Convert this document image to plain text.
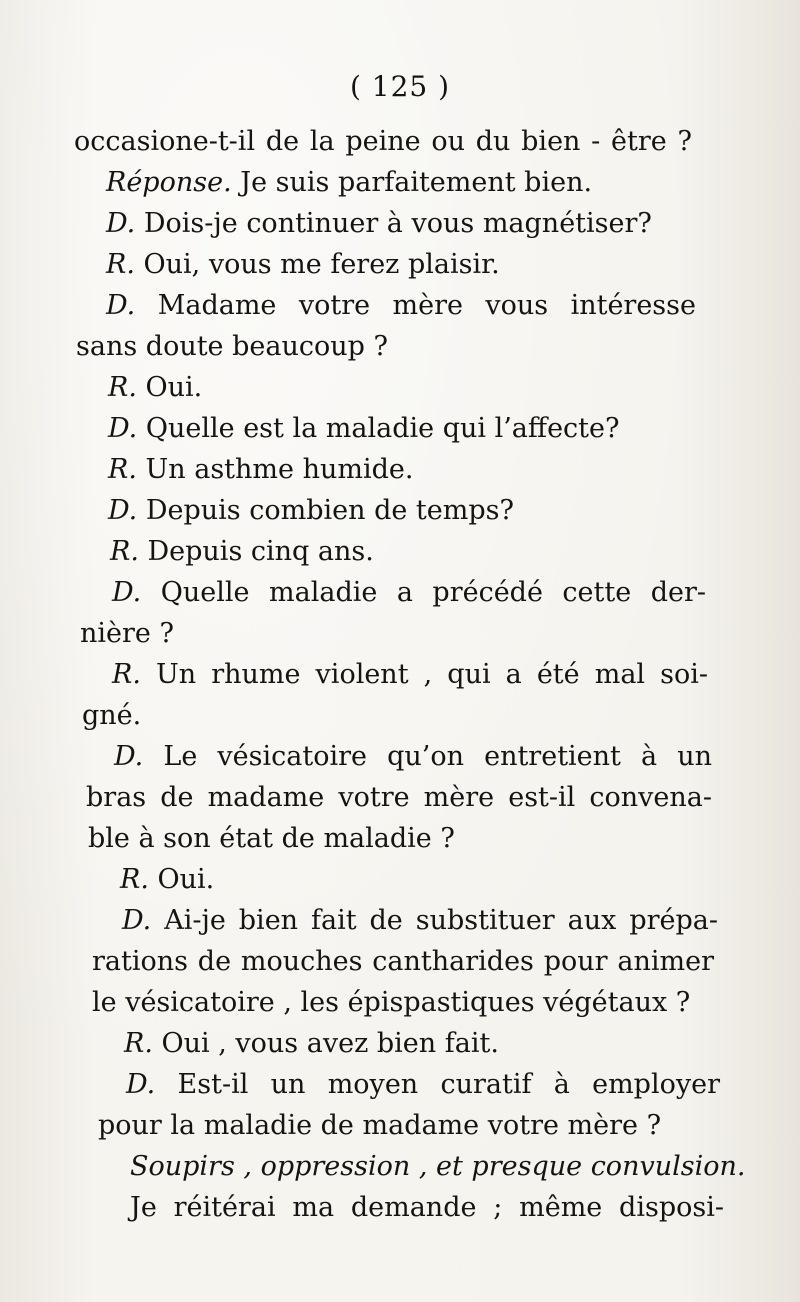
( 125 )
occasione-t-il de la peine ou du bien - être ?
Réponse. Je suis parfaitement bien.
D. Dois-je continuer à vous magnétiser?
R. Oui, vous me ferez plaisir.
D. Madame votre mère vous intéresse
sans doute beaucoup ?
R. Oui.
D. Quelle est la maladie qui l’affecte?
R. Un asthme humide.
D. Depuis combien de temps?
R. Depuis cinq ans.
D. Quelle maladie a précédé cette der-
nière ?
R. Un rhume violent , qui a été mal soi-
gné.
D. Le vésicatoire qu’on entretient à un
bras de madame votre mère est-il convena-
ble à son état de maladie ?
R. Oui.
D. Ai-je bien fait de substituer aux prépa-
rations de mouches cantharides pour animer
le vésicatoire , les épispastiques végétaux ?
R. Oui , vous avez bien fait.
D. Est-il un moyen curatif à employer
pour la maladie de madame votre mère ?
Soupirs , oppression , et presque convulsion.
Je réitérai ma demande ; même disposi-
